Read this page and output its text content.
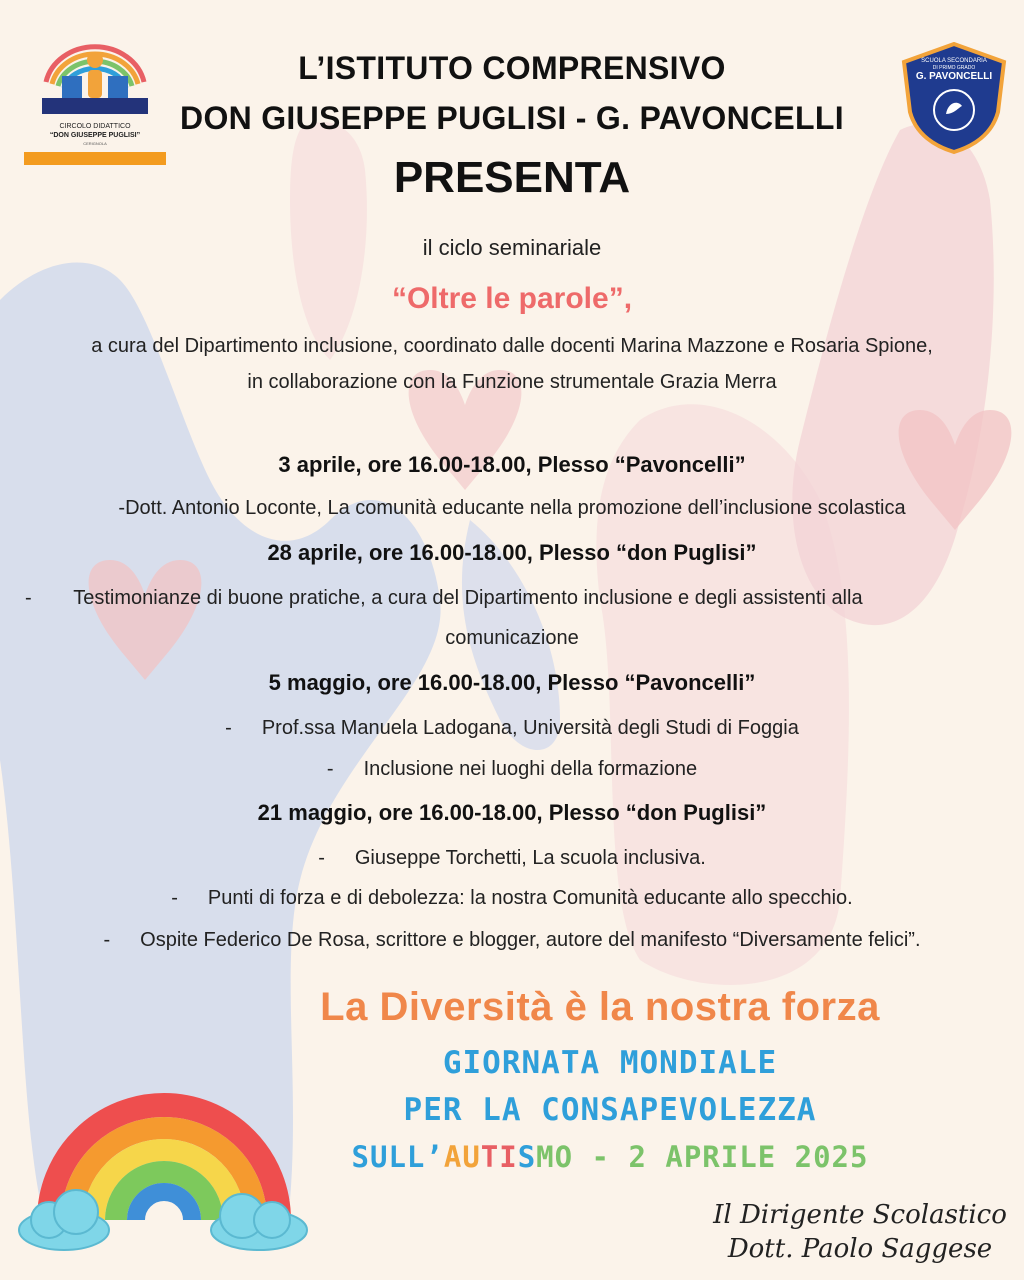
CIRCOLO DIDATTICO
“DON GIUSEPPE PUGLISI”
CERIGNOLA
SCUOLA SECONDARIA
DI PRIMO GRADO
G. PAVONCELLI
L’ISTITUTO COMPRENSIVO
DON GIUSEPPE PUGLISI - G. PAVONCELLI
PRESENTA
il ciclo seminariale
“Oltre le parole”,
a cura del Dipartimento inclusione, coordinato dalle docenti Marina Mazzone e Rosaria Spione,
in collaborazione con la Funzione strumentale Grazia Merra
3 aprile, ore 16.00-18.00, Plesso “Pavoncelli”
-Dott. Antonio Loconte, La comunità educante nella promozione dell’inclusione scolastica
28 aprile, ore 16.00-18.00, Plesso “don Puglisi”
- Testimonianze di buone pratiche, a cura del Dipartimento inclusione e degli assistenti alla
comunicazione
5 maggio, ore 16.00-18.00, Plesso “Pavoncelli”
- Prof.ssa Manuela Ladogana, Università degli Studi di Foggia
- Inclusione nei luoghi della formazione
21 maggio, ore 16.00-18.00, Plesso “don Puglisi”
- Giuseppe Torchetti, La scuola inclusiva.
- Punti di forza e di debolezza: la nostra Comunità educante allo specchio.
- Ospite Federico De Rosa, scrittore e blogger, autore del manifesto “Diversamente felici”.
La Diversità è la nostra forza
GIORNATA MONDIALE
PER LA CONSAPEVOLEZZA
SULL’AUTISMO - 2 APRILE 2025
Il Dirigente Scolastico
Dott. Paolo Saggese
